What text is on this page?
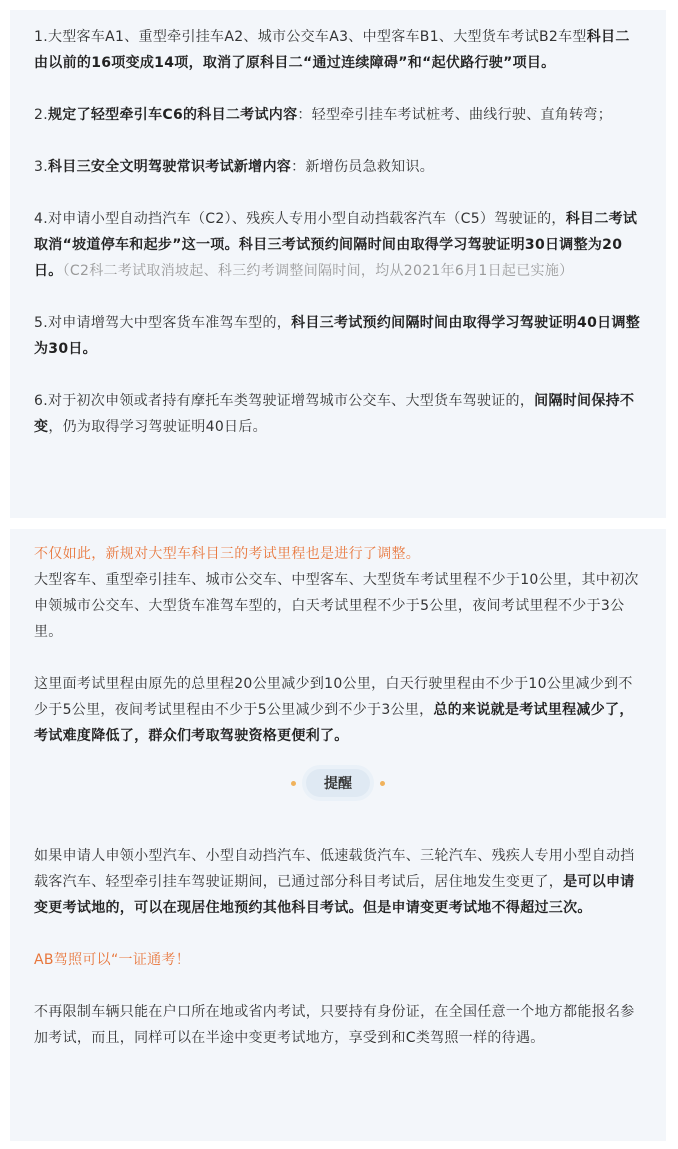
1.大型客车A1、重型牵引挂车A2、城市公交车A3、中型客车B1、大型货车考试B2车型科目二由以前的16项变成14项，取消了原科目二“通过连续障碍”和“起伏路行驶”项目。

2.规定了轻型牵引车C6的科目二考试内容：轻型牵引挂车考试桩考、曲线行驶、直角转弯；

3.科目三安全文明驾驶常识考试新增内容：新增伤员急救知识。

4.对申请小型自动挡汽车（C2）、残疾人专用小型自动挡载客汽车（C5）驾驶证的，科目二考试取消“坡道停车和起步”这一项。科目三考试预约间隔时间由取得学习驾驶证明30日调整为20日。（C2科二考试取消坡起、科三约考调整间隔时间，均从2021年6月1日起已实施）

5.对申请增驾大中型客货车准驾车型的，科目三考试预约间隔时间由取得学习驾驶证明40日调整为30日。

6.对于初次申领或者持有摩托车类驾驶证增驾城市公交车、大型货车驾驶证的，间隔时间保持不变，仍为取得学习驾驶证明40日后。

不仅如此，新规对大型车科目三的考试里程也是进行了调整。

大型客车、重型牵引挂车、城市公交车、中型客车、大型货车考试里程不少于10公里，其中初次申领城市公交车、大型货车准驾车型的，白天考试里程不少于5公里，夜间考试里程不少于3公里。

这里面考试里程由原先的总里程20公里减少到10公里，白天行驶里程由不少于10公里减少到不少于5公里，夜间考试里程由不少于5公里减少到不少于3公里，总的来说就是考试里程减少了，考试难度降低了，群众们考取驾驶资格更便利了。

提醒

如果申请人申领小型汽车、小型自动挡汽车、低速载货汽车、三轮汽车、残疾人专用小型自动挡载客汽车、轻型牵引挂车驾驶证期间，已通过部分科目考试后，居住地发生变更了，是可以申请变更考试地的，可以在现居住地预约其他科目考试。但是申请变更考试地不得超过三次。

AB驾照可以“一证通考！

不再限制车辆只能在户口所在地或省内考试，只要持有身份证，在全国任意一个地方都能报名参加考试，而且，同样可以在半途中变更考试地方，享受到和C类驾照一样的待遇。
